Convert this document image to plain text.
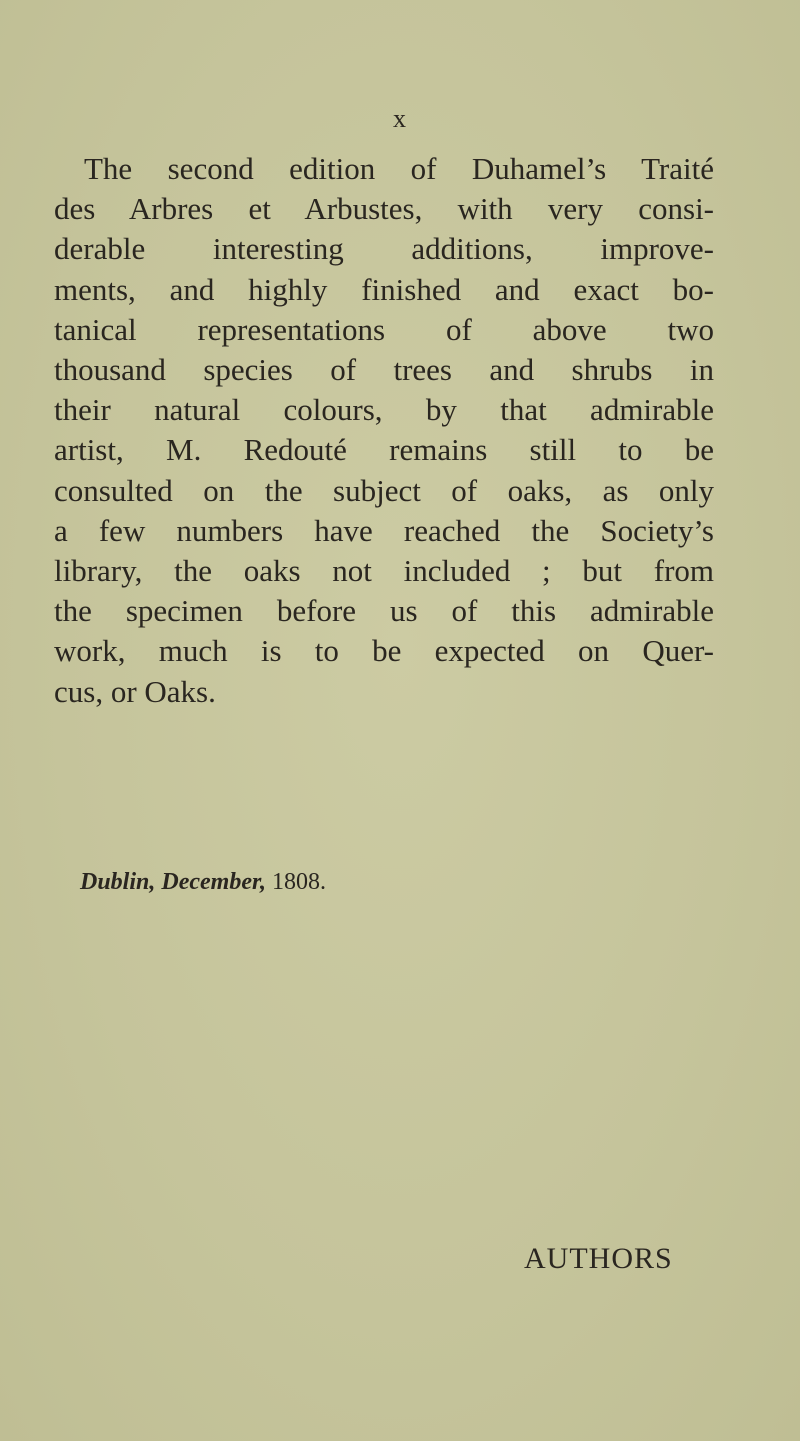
x
The second edition of Duhamel’s Traité
des Arbres et Arbustes, with very consi-
derable interesting additions, improve-
ments, and highly finished and exact bo-
tanical representations of above two
thousand species of trees and shrubs in
their natural colours, by that admirable
artist, M. Redouté remains still to be
consulted on the subject of oaks, as only
a few numbers have reached the Society’s
library, the oaks not included ; but from
the specimen before us of this admirable
work, much is to be expected on Quer-
cus, or Oaks.
Dublin, December, 1808.
AUTHORS
